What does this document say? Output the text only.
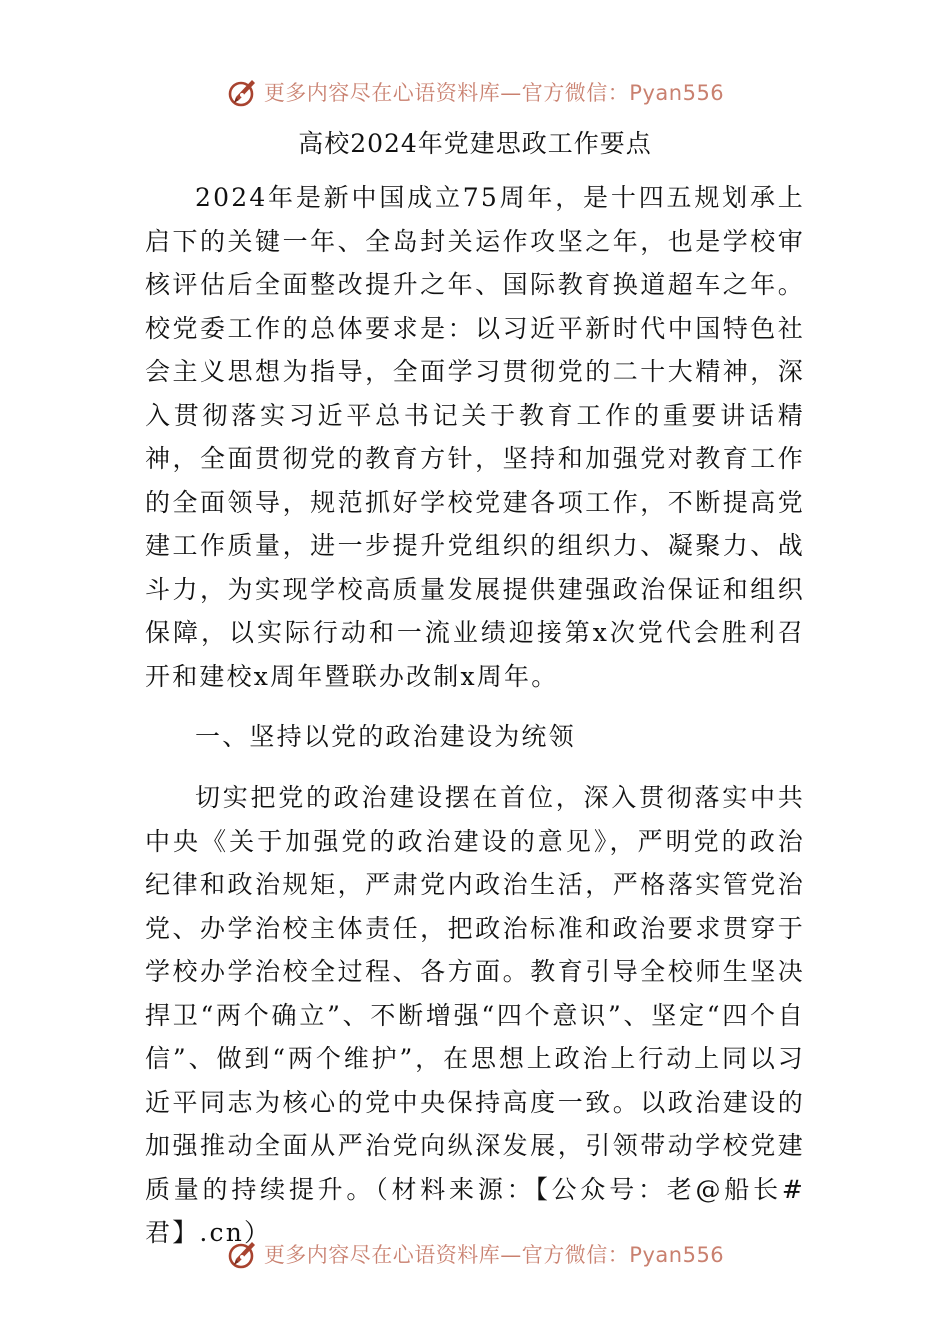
更多内容尽在心语资料库—官方微信：Pyan556
高校2024年党建思政工作要点

2024年是新中国成立75周年，是十四五规划承上启下的关键一年、全岛封关运作攻坚之年，也是学校审核评估后全面整改提升之年、国际教育换道超车之年。校党委工作的总体要求是：以习近平新时代中国特色社会主义思想为指导，全面学习贯彻党的二十大精神，深入贯彻落实习近平总书记关于教育工作的重要讲话精神，全面贯彻党的教育方针，坚持和加强党对教育工作的全面领导，规范抓好学校党建各项工作，不断提高党建工作质量，进一步提升党组织的组织力、凝聚力、战斗力，为实现学校高质量发展提供建强政治保证和组织保障，以实际行动和一流业绩迎接第x次党代会胜利召开和建校x周年暨联办改制x周年。

一、坚持以党的政治建设为统领

切实把党的政治建设摆在首位，深入贯彻落实中共中央《关于加强党的政治建设的意见》，严明党的政治纪律和政治规矩，严肃党内政治生活，严格落实管党治党、办学治校主体责任，把政治标准和政治要求贯穿于学校办学治校全过程、各方面。教育引导全校师生坚决捍卫“两个确立”、不断增强“四个意识”、坚定“四个自信”、做到“两个维护”，在思想上政治上行动上同以习近平同志为核心的党中央保持高度一致。以政治建设的加强推动全面从严治党向纵深发展，引领带动学校党建质量的持续提升。（材料来源：【公众号：老@船长#君】.cn）

更多内容尽在心语资料库—官方微信：Pyan556
